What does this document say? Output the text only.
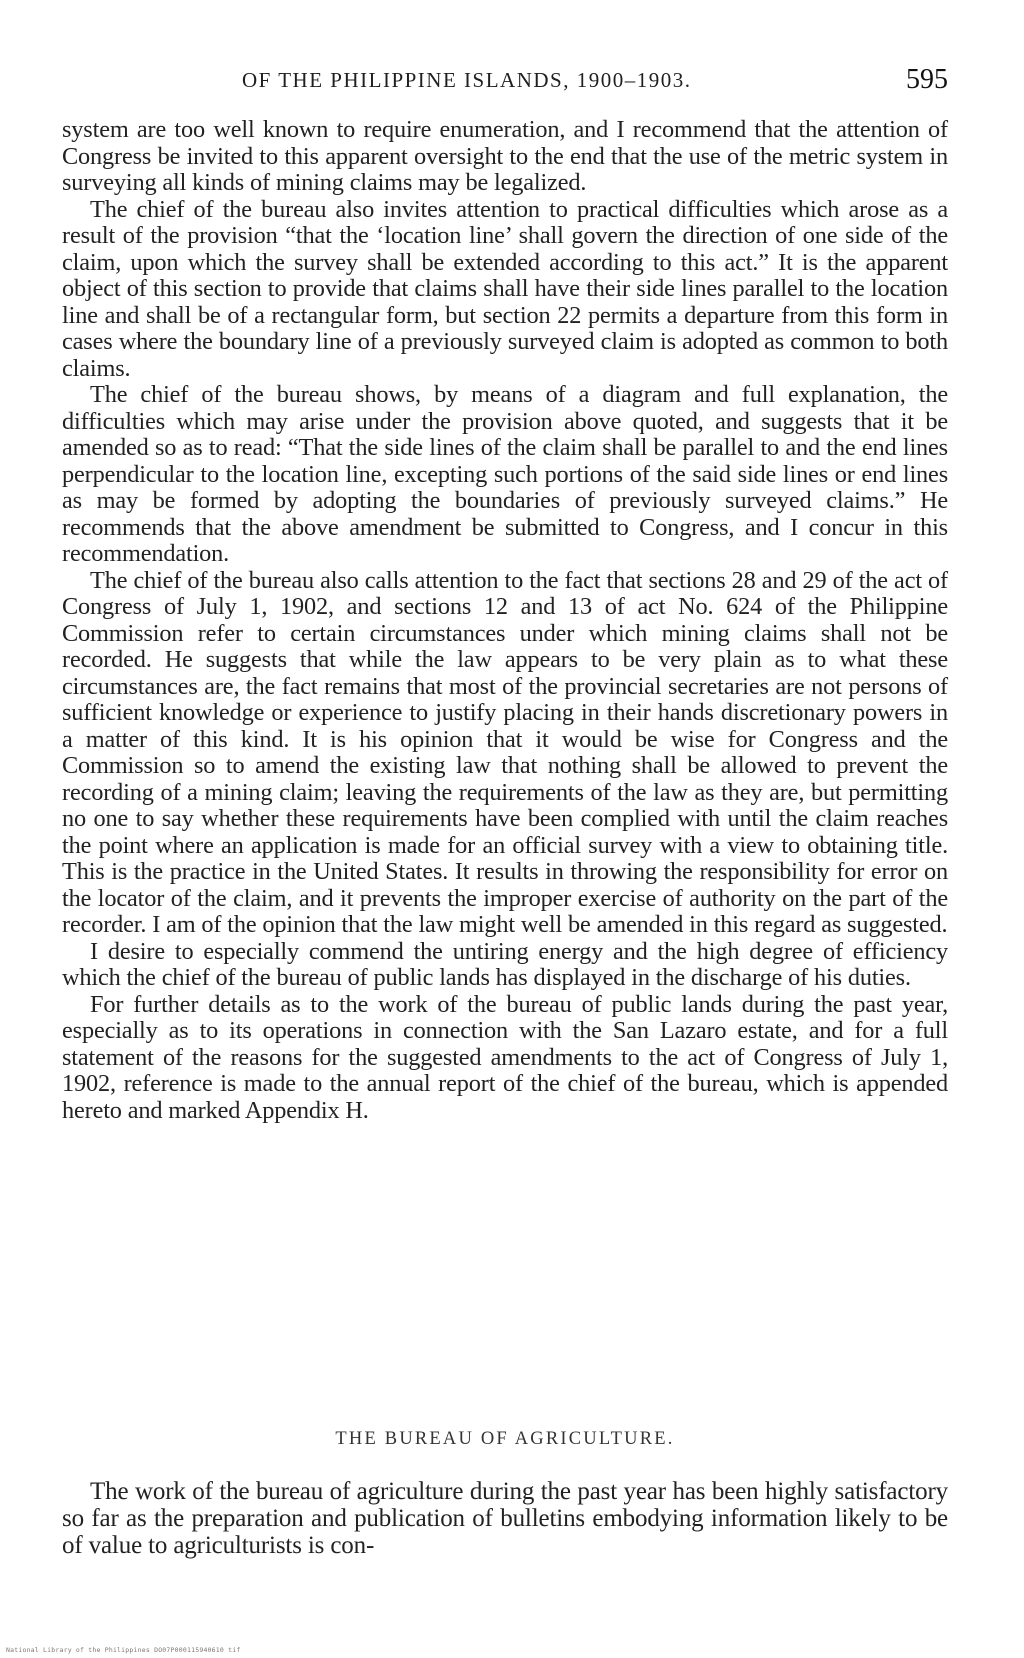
OF THE PHILIPPINE ISLANDS, 1900–1903.	595

system are too well known to require enumeration, and I recommend that the attention of Congress be invited to this apparent oversight to the end that the use of the metric system in surveying all kinds of mining claims may be legalized.

The chief of the bureau also invites attention to practical difficulties which arose as a result of the provision “that the ‘location line’ shall govern the direction of one side of the claim, upon which the survey shall be extended according to this act.” It is the apparent object of this section to provide that claims shall have their side lines parallel to the location line and shall be of a rectangular form, but section 22 permits a departure from this form in cases where the boundary line of a previously surveyed claim is adopted as common to both claims.

The chief of the bureau shows, by means of a diagram and full explanation, the difficulties which may arise under the provision above quoted, and suggests that it be amended so as to read: “That the side lines of the claim shall be parallel to and the end lines perpendicular to the location line, excepting such portions of the said side lines or end lines as may be formed by adopting the boundaries of previously surveyed claims.” He recommends that the above amendment be submitted to Congress, and I concur in this recommendation.

The chief of the bureau also calls attention to the fact that sections 28 and 29 of the act of Congress of July 1, 1902, and sections 12 and 13 of act No. 624 of the Philippine Commission refer to certain circumstances under which mining claims shall not be recorded. He suggests that while the law appears to be very plain as to what these circumstances are, the fact remains that most of the provincial secretaries are not persons of sufficient knowledge or experience to justify placing in their hands discretionary powers in a matter of this kind. It is his opinion that it would be wise for Congress and the Commission so to amend the existing law that nothing shall be allowed to prevent the recording of a mining claim; leaving the requirements of the law as they are, but permitting no one to say whether these requirements have been complied with until the claim reaches the point where an application is made for an official survey with a view to obtaining title. This is the practice in the United States. It results in throwing the responsibility for error on the locator of the claim, and it prevents the improper exercise of authority on the part of the recorder. I am of the opinion that the law might well be amended in this regard as suggested.

I desire to especially commend the untiring energy and the high degree of efficiency which the chief of the bureau of public lands has displayed in the discharge of his duties.

For further details as to the work of the bureau of public lands during the past year, especially as to its operations in connection with the San Lazaro estate, and for a full statement of the reasons for the suggested amendments to the act of Congress of July 1, 1902, reference is made to the annual report of the chief of the bureau, which is appended hereto and marked Appendix H.

THE BUREAU OF AGRICULTURE.

The work of the bureau of agriculture during the past year has been highly satisfactory so far as the preparation and publication of bulletins embodying information likely to be of value to agriculturists is con-

National Library of the Philippines DO07P000115940610 tif
